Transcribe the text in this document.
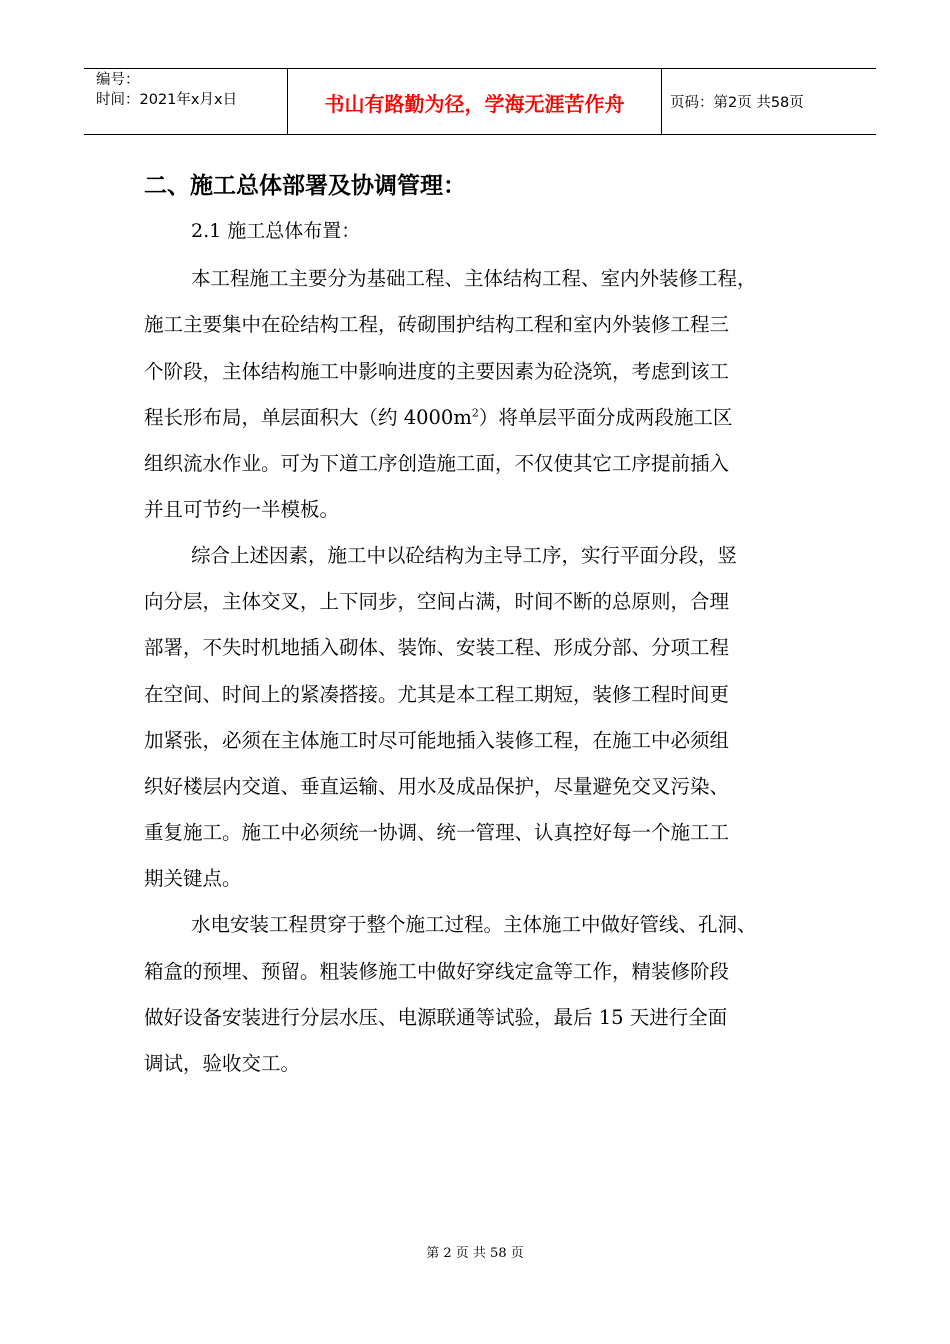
编号：
时间：2021年x月x日	书山有路勤为径，学海无涯苦作舟	页码：第2页 共58页
二、施工总体部署及协调管理：
2.1 施工总体布置：
本工程施工主要分为基础工程、主体结构工程、室内外装修工程，
施工主要集中在砼结构工程，砖砌围护结构工程和室内外装修工程三
个阶段，主体结构施工中影响进度的主要因素为砼浇筑，考虑到该工
程长形布局，单层面积大（约 $4000m^2$）将单层平面分成两段施工区
组织流水作业。可为下道工序创造施工面，不仅使其它工序提前插入
并且可节约一半模板。
综合上述因素，施工中以砼结构为主导工序，实行平面分段，竖
向分层，主体交叉，上下同步，空间占满，时间不断的总原则，合理
部署，不失时机地插入砌体、装饰、安装工程、形成分部、分项工程
在空间、时间上的紧凑搭接。尤其是本工程工期短，装修工程时间更
加紧张，必须在主体施工时尽可能地插入装修工程，在施工中必须组
织好楼层内交道、垂直运输、用水及成品保护，尽量避免交叉污染、
重复施工。施工中必须统一协调、统一管理、认真控好每一个施工工
期关键点。
水电安装工程贯穿于整个施工过程。主体施工中做好管线、孔洞、
箱盒的预埋、预留。粗装修施工中做好穿线定盒等工作，精装修阶段
做好设备安装进行分层水压、电源联通等试验，最后 15 天进行全面
调试，验收交工。
第 2 页 共 58 页
